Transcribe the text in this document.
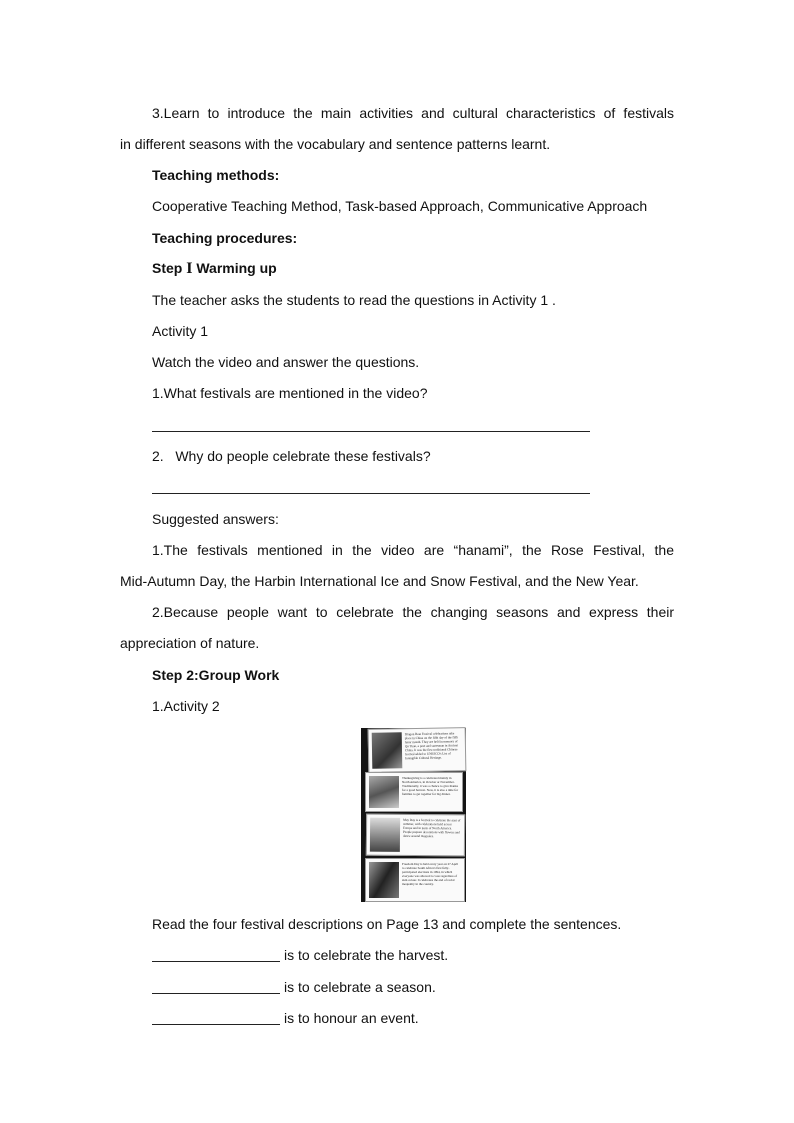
3.Learn to introduce the main activities and cultural characteristics of festivals
in different seasons with the vocabulary and sentence patterns learnt.
Teaching methods:
Cooperative Teaching Method, Task-based Approach, Communicative Approach
Teaching procedures:
Step I Warming up
The teacher asks the students to read the questions in Activity 1 .
Activity 1
Watch the video and answer the questions.
1.What festivals are mentioned in the video?
2.   Why do people celebrate these festivals?
Suggested answers:
1.The festivals mentioned in the video are “hanami”, the Rose Festival, the
Mid-Autumn Day, the Harbin International Ice and Snow Festival, and the New Year.
2.Because people want to celebrate the changing seasons and express their
appreciation of nature.
Step 2:Group Work
1.Activity 2
Dragon Boat Festival celebrations take place in China on the fifth day of the fifth lunar month. They are held in memory of Qu Yuan, a poet and statesman in Ancient China. It was the first traditional Chinese festival added to UNESCO's List of Intangible Cultural Heritage.
Thanksgiving is a celebrated mainly in North America, in October or November. Traditionally, it was a chance to give thanks for a good harvest. Now, it is also a time for families to get together for big dinner.
May Day is a festival to celebrate the start of summer, with celebrations held across Europe and in parts of North America. People prepare decorations with flowers and dance around maypoles.
Freedom Day is held every year on 27 April to celebrate South Africa's first fully-participated elections in 1994, in which everyone was allowed to vote regardless of skin colour. It celebrates the end of racial inequality in the country.
Read the four festival descriptions on Page 13 and complete the sentences.
is to celebrate the harvest.
is to celebrate a season.
is to honour an event.
